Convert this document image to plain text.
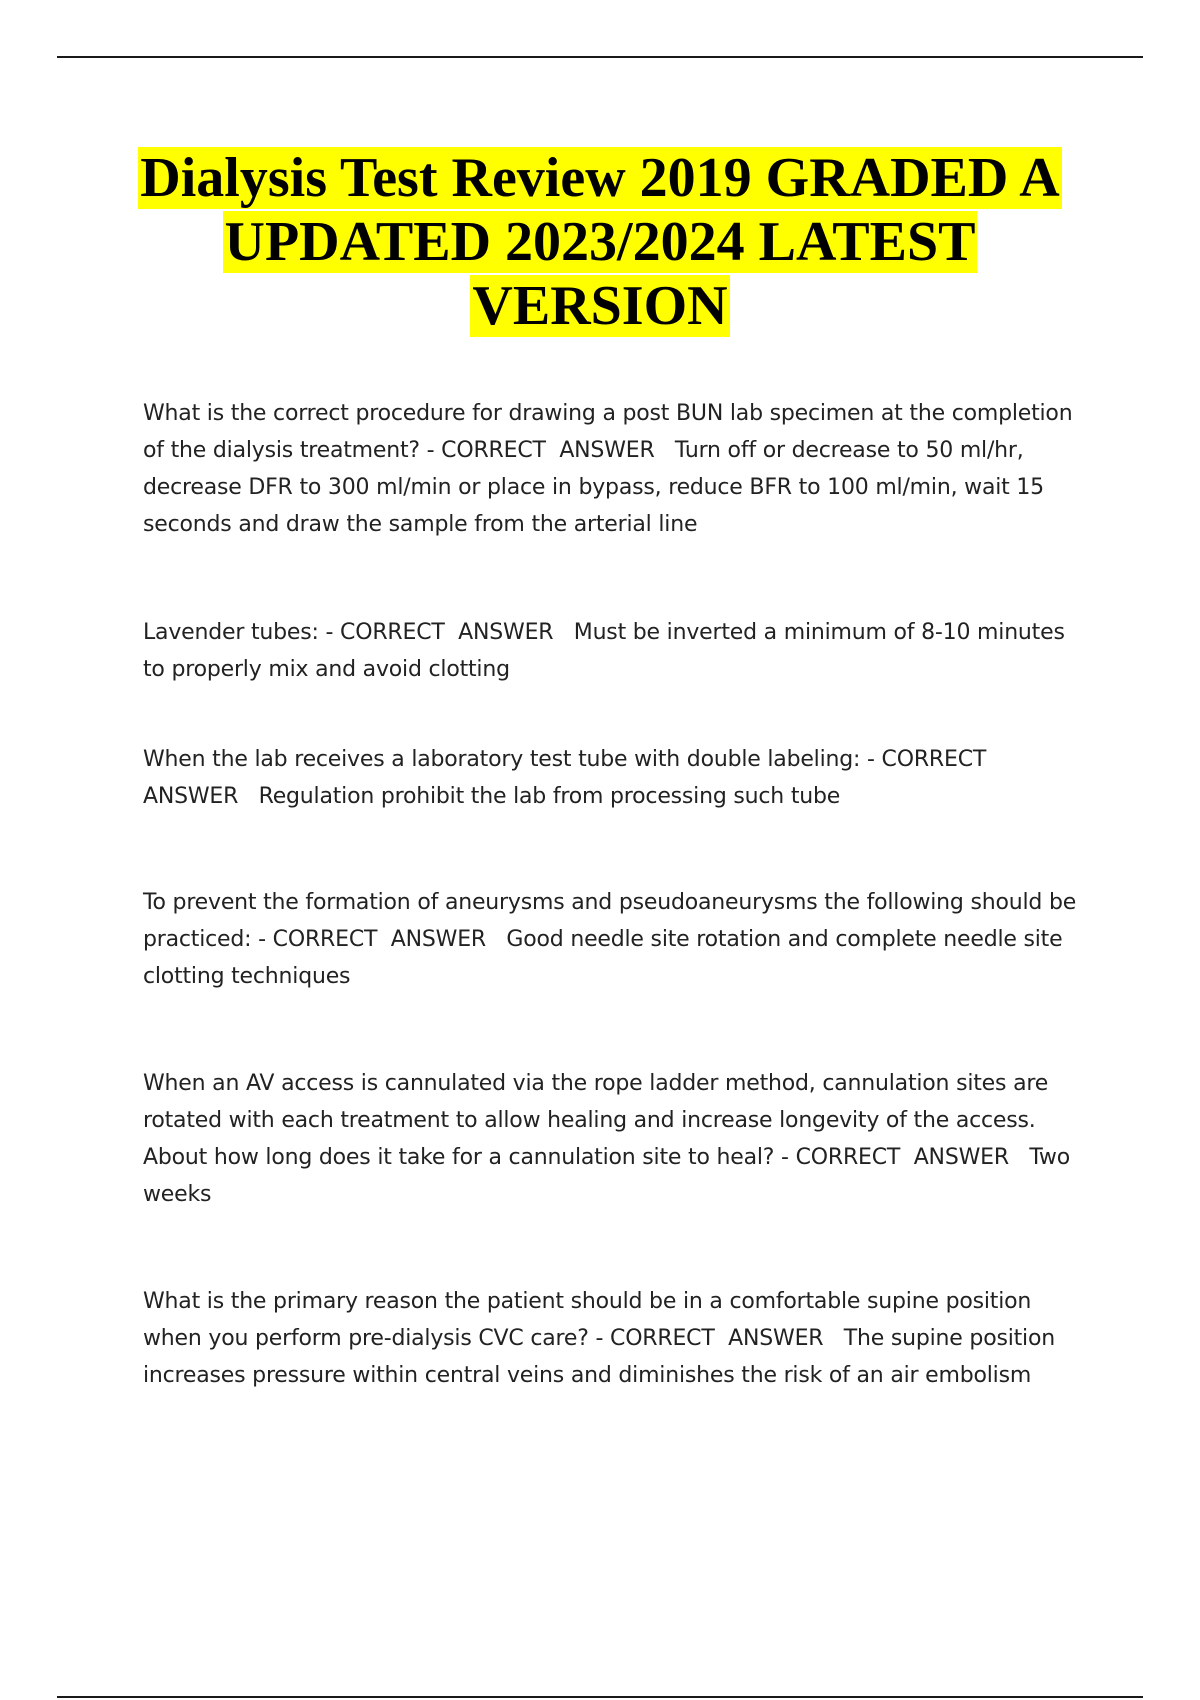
Dialysis Test Review 2019 GRADED A
UPDATED 2023/2024 LATEST
VERSION
What is the correct procedure for drawing a post BUN lab specimen at the completion of the dialysis treatment? - CORRECT  ANSWER   Turn off or decrease to 50 ml/hr, decrease DFR to 300 ml/min or place in bypass, reduce BFR to 100 ml/min, wait 15 seconds and draw the sample from the arterial line
Lavender tubes: - CORRECT  ANSWER   Must be inverted a minimum of 8-10 minutes to properly mix and avoid clotting
When the lab receives a laboratory test tube with double labeling: - CORRECT  ANSWER   Regulation prohibit the lab from processing such tube
To prevent the formation of aneurysms and pseudoaneurysms the following should be practiced: - CORRECT  ANSWER   Good needle site rotation and complete needle site clotting techniques
When an AV access is cannulated via the rope ladder method, cannulation sites are rotated with each treatment to allow healing and increase longevity of the access. About how long does it take for a cannulation site to heal? - CORRECT  ANSWER   Two weeks
What is the primary reason the patient should be in a comfortable supine position when you perform pre-dialysis CVC care? - CORRECT  ANSWER   The supine position increases pressure within central veins and diminishes the risk of an air embolism
